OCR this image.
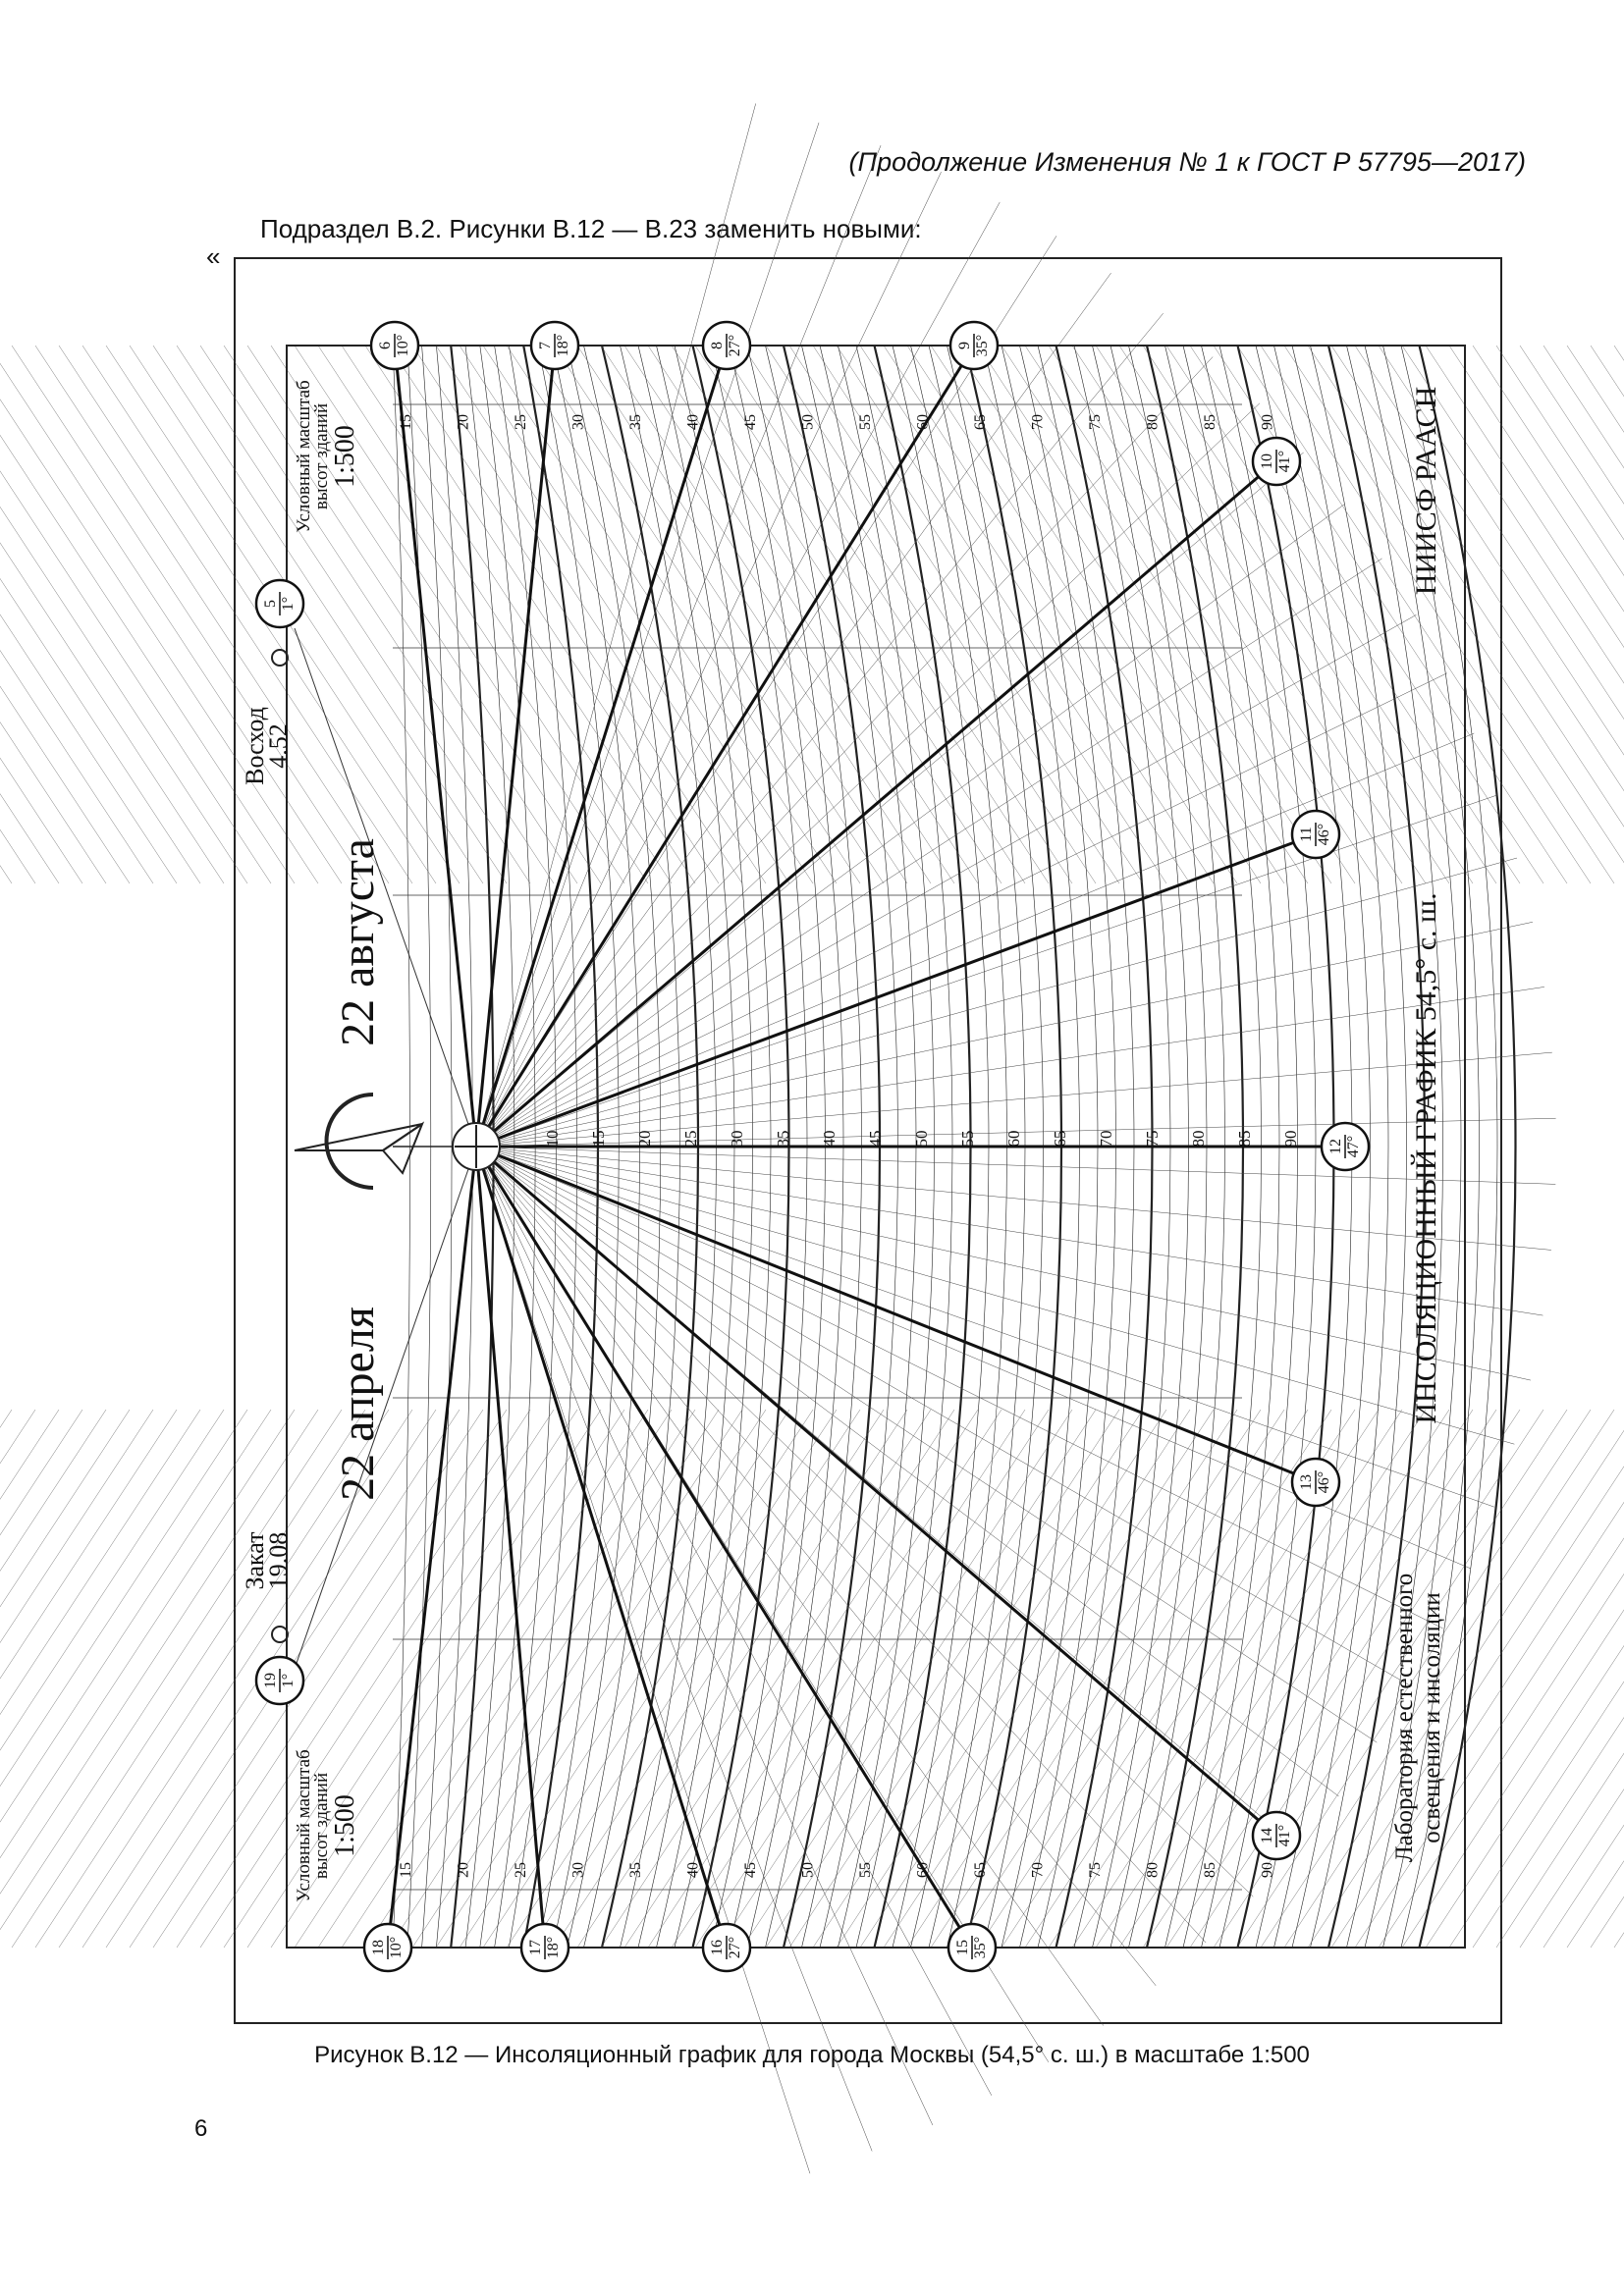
(Продолжение Изменения № 1 к ГОСТ Р 57795—2017)
Подраздел В.2. Рисунки В.12 — В.23 заменить новыми:
«
22 августа
22 апреля
Восход
4.52
Закат
19.08
Условный масштаб
высот зданий
1:500
Условный масштаб
высот зданий
1:500
ИНСОЛЯЦИОННЫЙ ГРАФИК 54,5° с. ш.
НИИСФ РААСН
Лаборатория естественного освещения и инсоляции
10 15 20 25 30 35 40 45 50 55 60 65 70 75 80 85 90
15
15
20
20
25
25
30
30
35
35
40
40
45
45
50
50
55
55
60
60
65
65
70
70
75
75
80
80
85
85
90
90
6 10°	7 18°	8 27°	9 35°
18 10°	17 18°	16 27°	15 35°
10 41°
11 46°
12 47°
13 46°
14 41°
5 1°
19 1°
Рисунок В.12 — Инсоляционный график для города Москвы (54,5° с. ш.) в масштабе 1:500
6
